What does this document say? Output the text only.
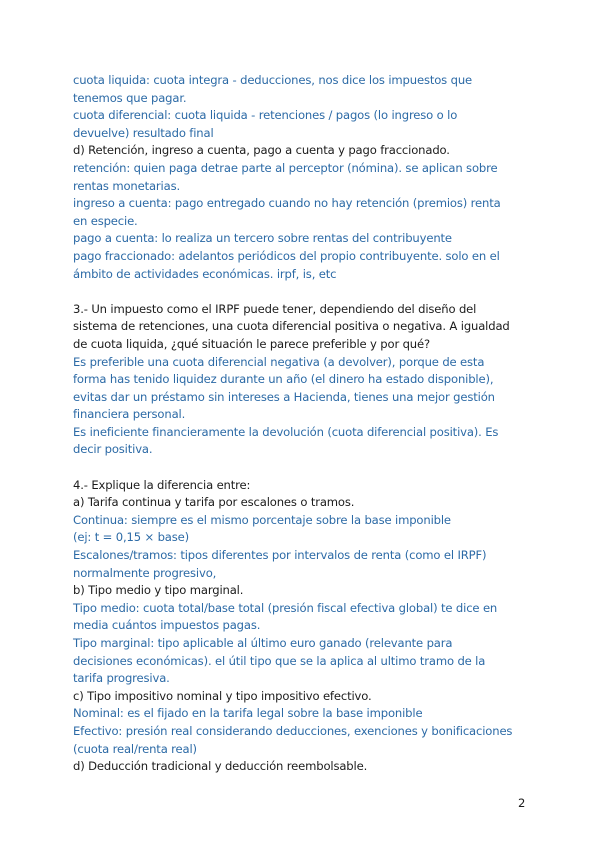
cuota liquida: cuota integra - deducciones, nos dice los impuestos que
tenemos que pagar.
cuota diferencial: cuota liquida - retenciones / pagos (lo ingreso o lo
devuelve) resultado final
d) Retención, ingreso a cuenta, pago a cuenta y pago fraccionado.
retención: quien paga detrae parte al perceptor (nómina). se aplican sobre
rentas monetarias.
ingreso a cuenta: pago entregado cuando no hay retención (premios) renta
en especie.
pago a cuenta: lo realiza un tercero sobre rentas del contribuyente
pago fraccionado: adelantos periódicos del propio contribuyente. solo en el
ámbito de actividades económicas. irpf, is, etc
3.- Un impuesto como el IRPF puede tener, dependiendo del diseño del
sistema de retenciones, una cuota diferencial positiva o negativa. A igualdad
de cuota liquida, ¿qué situación le parece preferible y por qué?
Es preferible una cuota diferencial negativa (a devolver), porque de esta
forma has tenido liquidez durante un año (el dinero ha estado disponible),
evitas dar un préstamo sin intereses a Hacienda, tienes una mejor gestión
financiera personal.
Es ineficiente financieramente la devolución (cuota diferencial positiva). Es
decir positiva.
4.- Explique la diferencia entre:
a) Tarifa continua y tarifa por escalones o tramos.
Continua: siempre es el mismo porcentaje sobre la base imponible
(ej: t = 0,15 × base)
Escalones/tramos: tipos diferentes por intervalos de renta (como el IRPF)
normalmente progresivo,
b) Tipo medio y tipo marginal.
Tipo medio: cuota total/base total (presión fiscal efectiva global) te dice en
media cuántos impuestos pagas.
Tipo marginal: tipo aplicable al último euro ganado (relevante para
decisiones económicas). el útil tipo que se la aplica al ultimo tramo de la
tarifa progresiva.
c) Tipo impositivo nominal y tipo impositivo efectivo.
Nominal: es el fijado en la tarifa legal sobre la base imponible
Efectivo: presión real considerando deducciones, exenciones y bonificaciones
(cuota real/renta real)
d) Deducción tradicional y deducción reembolsable.
2
